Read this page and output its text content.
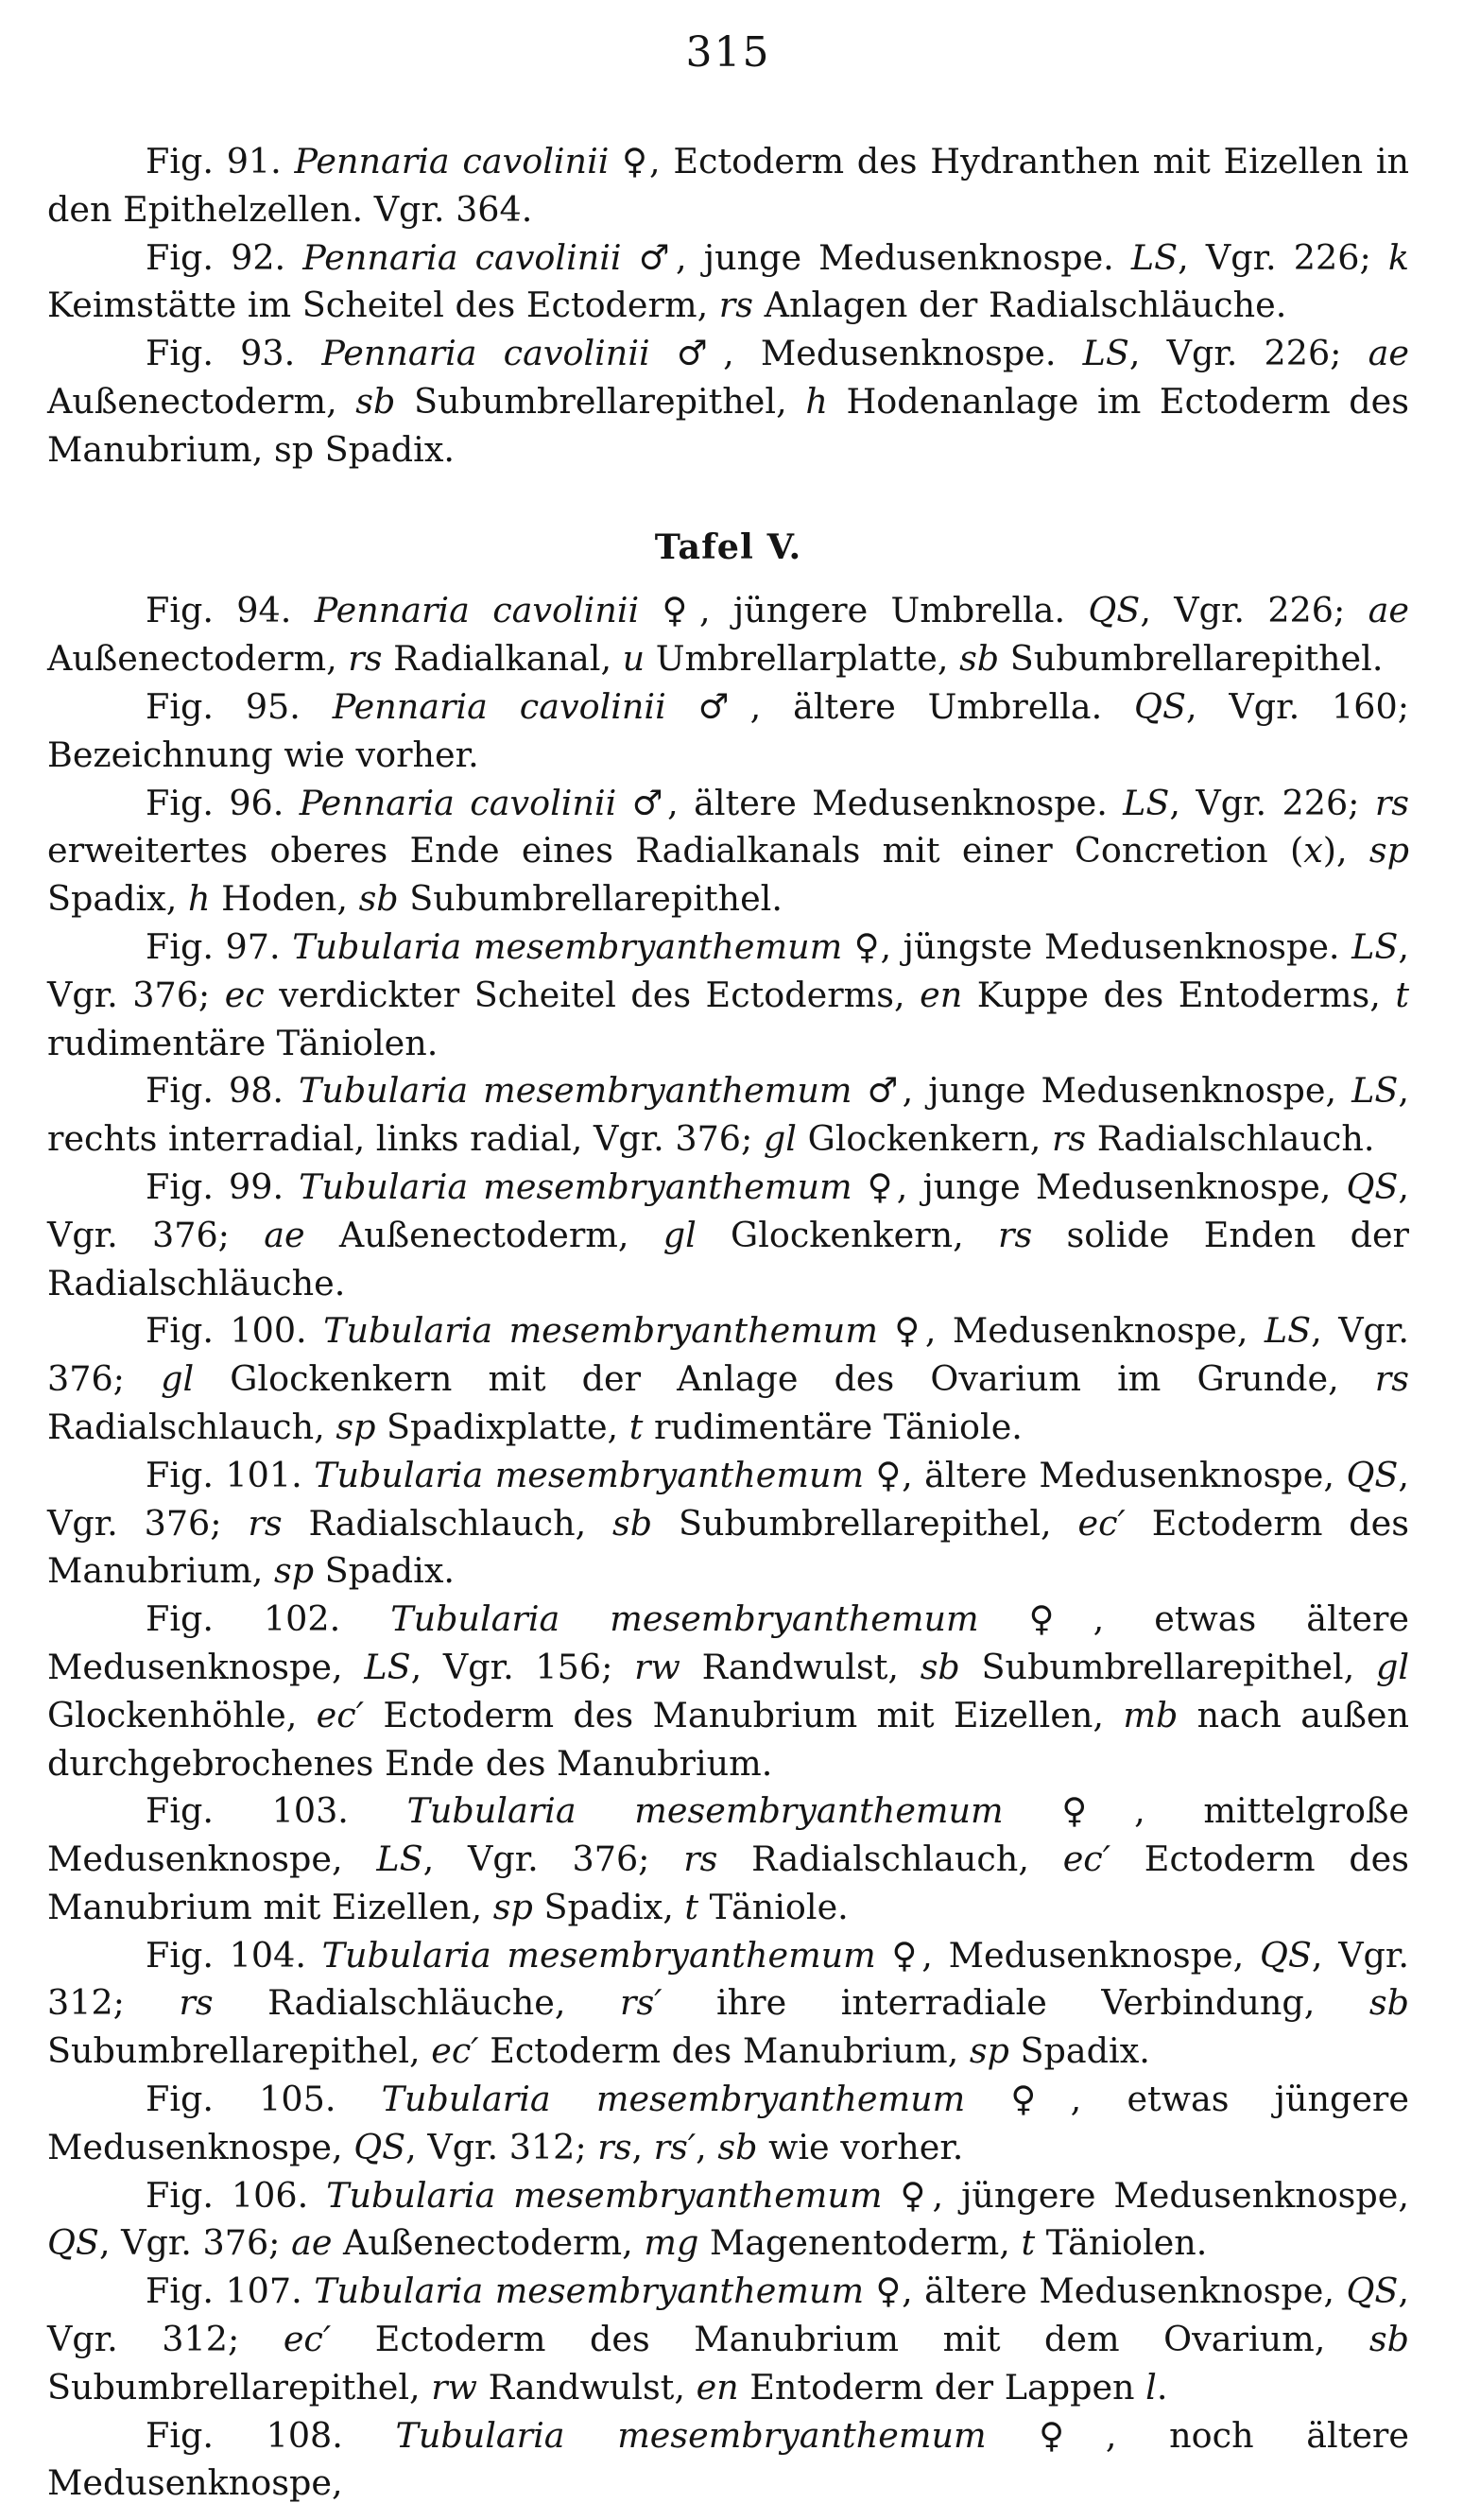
315

Fig. 91. Pennaria cavolinii ♀, Ectoderm des Hydranthen mit Eizellen in den Epithelzellen. Vgr. 364.

Fig. 92. Pennaria cavolinii ♂, junge Medusenknospe. LS, Vgr. 226; k Keimstätte im Scheitel des Ectoderm, rs Anlagen der Radialschläuche.

Fig. 93. Pennaria cavolinii ♂, Medusenknospe. LS, Vgr. 226; ae Außenectoderm, sb Subumbrellarepithel, h Hodenanlage im Ectoderm des Manubrium, sp Spadix.

Tafel V.

Fig. 94. Pennaria cavolinii ♀, jüngere Umbrella. QS, Vgr. 226; ae Außenectoderm, rs Radialkanal, u Umbrellarplatte, sb Subumbrellarepithel.

Fig. 95. Pennaria cavolinii ♂, ältere Umbrella. QS, Vgr. 160; Bezeichnung wie vorher.

Fig. 96. Pennaria cavolinii ♂, ältere Medusenknospe. LS, Vgr. 226; rs erweitertes oberes Ende eines Radialkanals mit einer Concretion (x), sp Spadix, h Hoden, sb Subumbrellarepithel.

Fig. 97. Tubularia mesembryanthemum ♀, jüngste Medusenknospe. LS, Vgr. 376; ec verdickter Scheitel des Ectoderms, en Kuppe des Entoderms, t rudimentäre Täniolen.

Fig. 98. Tubularia mesembryanthemum ♂, junge Medusenknospe, LS, rechts interradial, links radial, Vgr. 376; gl Glockenkern, rs Radialschlauch.

Fig. 99. Tubularia mesembryanthemum ♀, junge Medusenknospe, QS, Vgr. 376; ae Außenectoderm, gl Glockenkern, rs solide Enden der Radialschläuche.

Fig. 100. Tubularia mesembryanthemum ♀, Medusenknospe, LS, Vgr. 376; gl Glockenkern mit der Anlage des Ovarium im Grunde, rs Radialschlauch, sp Spadixplatte, t rudimentäre Täniole.

Fig. 101. Tubularia mesembryanthemum ♀, ältere Medusenknospe, QS, Vgr. 376; rs Radialschlauch, sb Subumbrellarepithel, ec′ Ectoderm des Manubrium, sp Spadix.

Fig. 102. Tubularia mesembryanthemum ♀, etwas ältere Medusenknospe, LS, Vgr. 156; rw Randwulst, sb Subumbrellarepithel, gl Glockenhöhle, ec′ Ectoderm des Manubrium mit Eizellen, mb nach außen durchgebrochenes Ende des Manubrium.

Fig. 103. Tubularia mesembryanthemum ♀, mittelgroße Medusenknospe, LS, Vgr. 376; rs Radialschlauch, ec′ Ectoderm des Manubrium mit Eizellen, sp Spadix, t Täniole.

Fig. 104. Tubularia mesembryanthemum ♀, Medusenknospe, QS, Vgr. 312; rs Radialschläuche, rs′ ihre interradiale Verbindung, sb Subumbrellarepithel, ec′ Ectoderm des Manubrium, sp Spadix.

Fig. 105. Tubularia mesembryanthemum ♀, etwas jüngere Medusenknospe, QS, Vgr. 312; rs, rs′, sb wie vorher.

Fig. 106. Tubularia mesembryanthemum ♀, jüngere Medusenknospe, QS, Vgr. 376; ae Außenectoderm, mg Magenentoderm, t Täniolen.

Fig. 107. Tubularia mesembryanthemum ♀, ältere Medusenknospe, QS, Vgr. 312; ec′ Ectoderm des Manubrium mit dem Ovarium, sb Subumbrellarepithel, rw Randwulst, en Entoderm der Lappen l.

Fig. 108. Tubularia mesembryanthemum ♀, noch ältere Medusenknospe,
